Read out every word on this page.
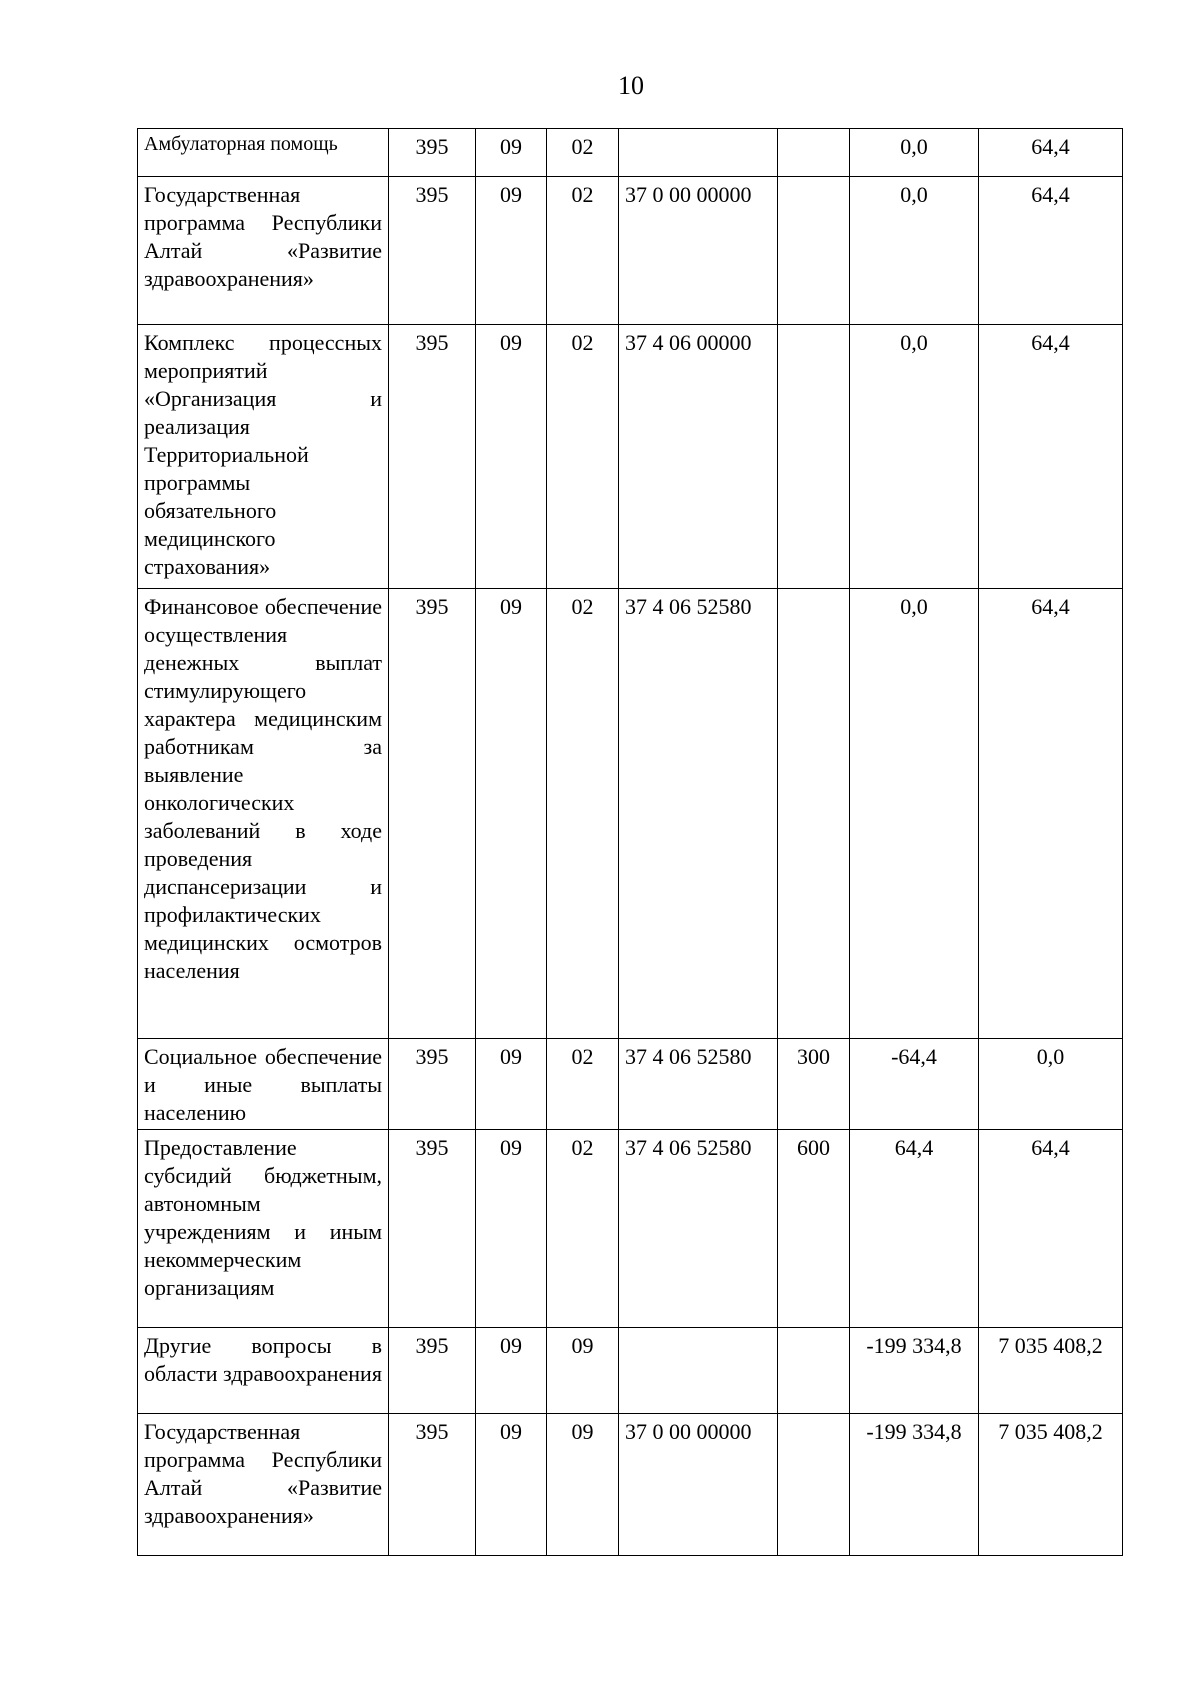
10
Амбулаторная помощь	395	09	02			0,0	64,4
Государственная программа Республики Алтай «Развитие здравоохранения»	395	09	02	37 0 00 00000		0,0	64,4
Комплекс процессных мероприятий «Организация и реализация Территориальной программы обязательного медицинского страхования»	395	09	02	37 4 06 00000		0,0	64,4
Финансовое обеспечение осуществления денежных выплат стимулирующего характера медицинским работникам за выявление онкологических заболеваний в ходе проведения диспансеризации и профилактических медицинских осмотров населения	395	09	02	37 4 06 52580		0,0	64,4
Социальное обеспечение и иные выплаты населению	395	09	02	37 4 06 52580	300	-64,4	0,0
Предоставление субсидий бюджетным, автономным учреждениям и иным некоммерческим организациям	395	09	02	37 4 06 52580	600	64,4	64,4
Другие вопросы в области здравоохранения	395	09	09			-199 334,8	7 035 408,2
Государственная программа Республики Алтай «Развитие здравоохранения»	395	09	09	37 0 00 00000		-199 334,8	7 035 408,2
